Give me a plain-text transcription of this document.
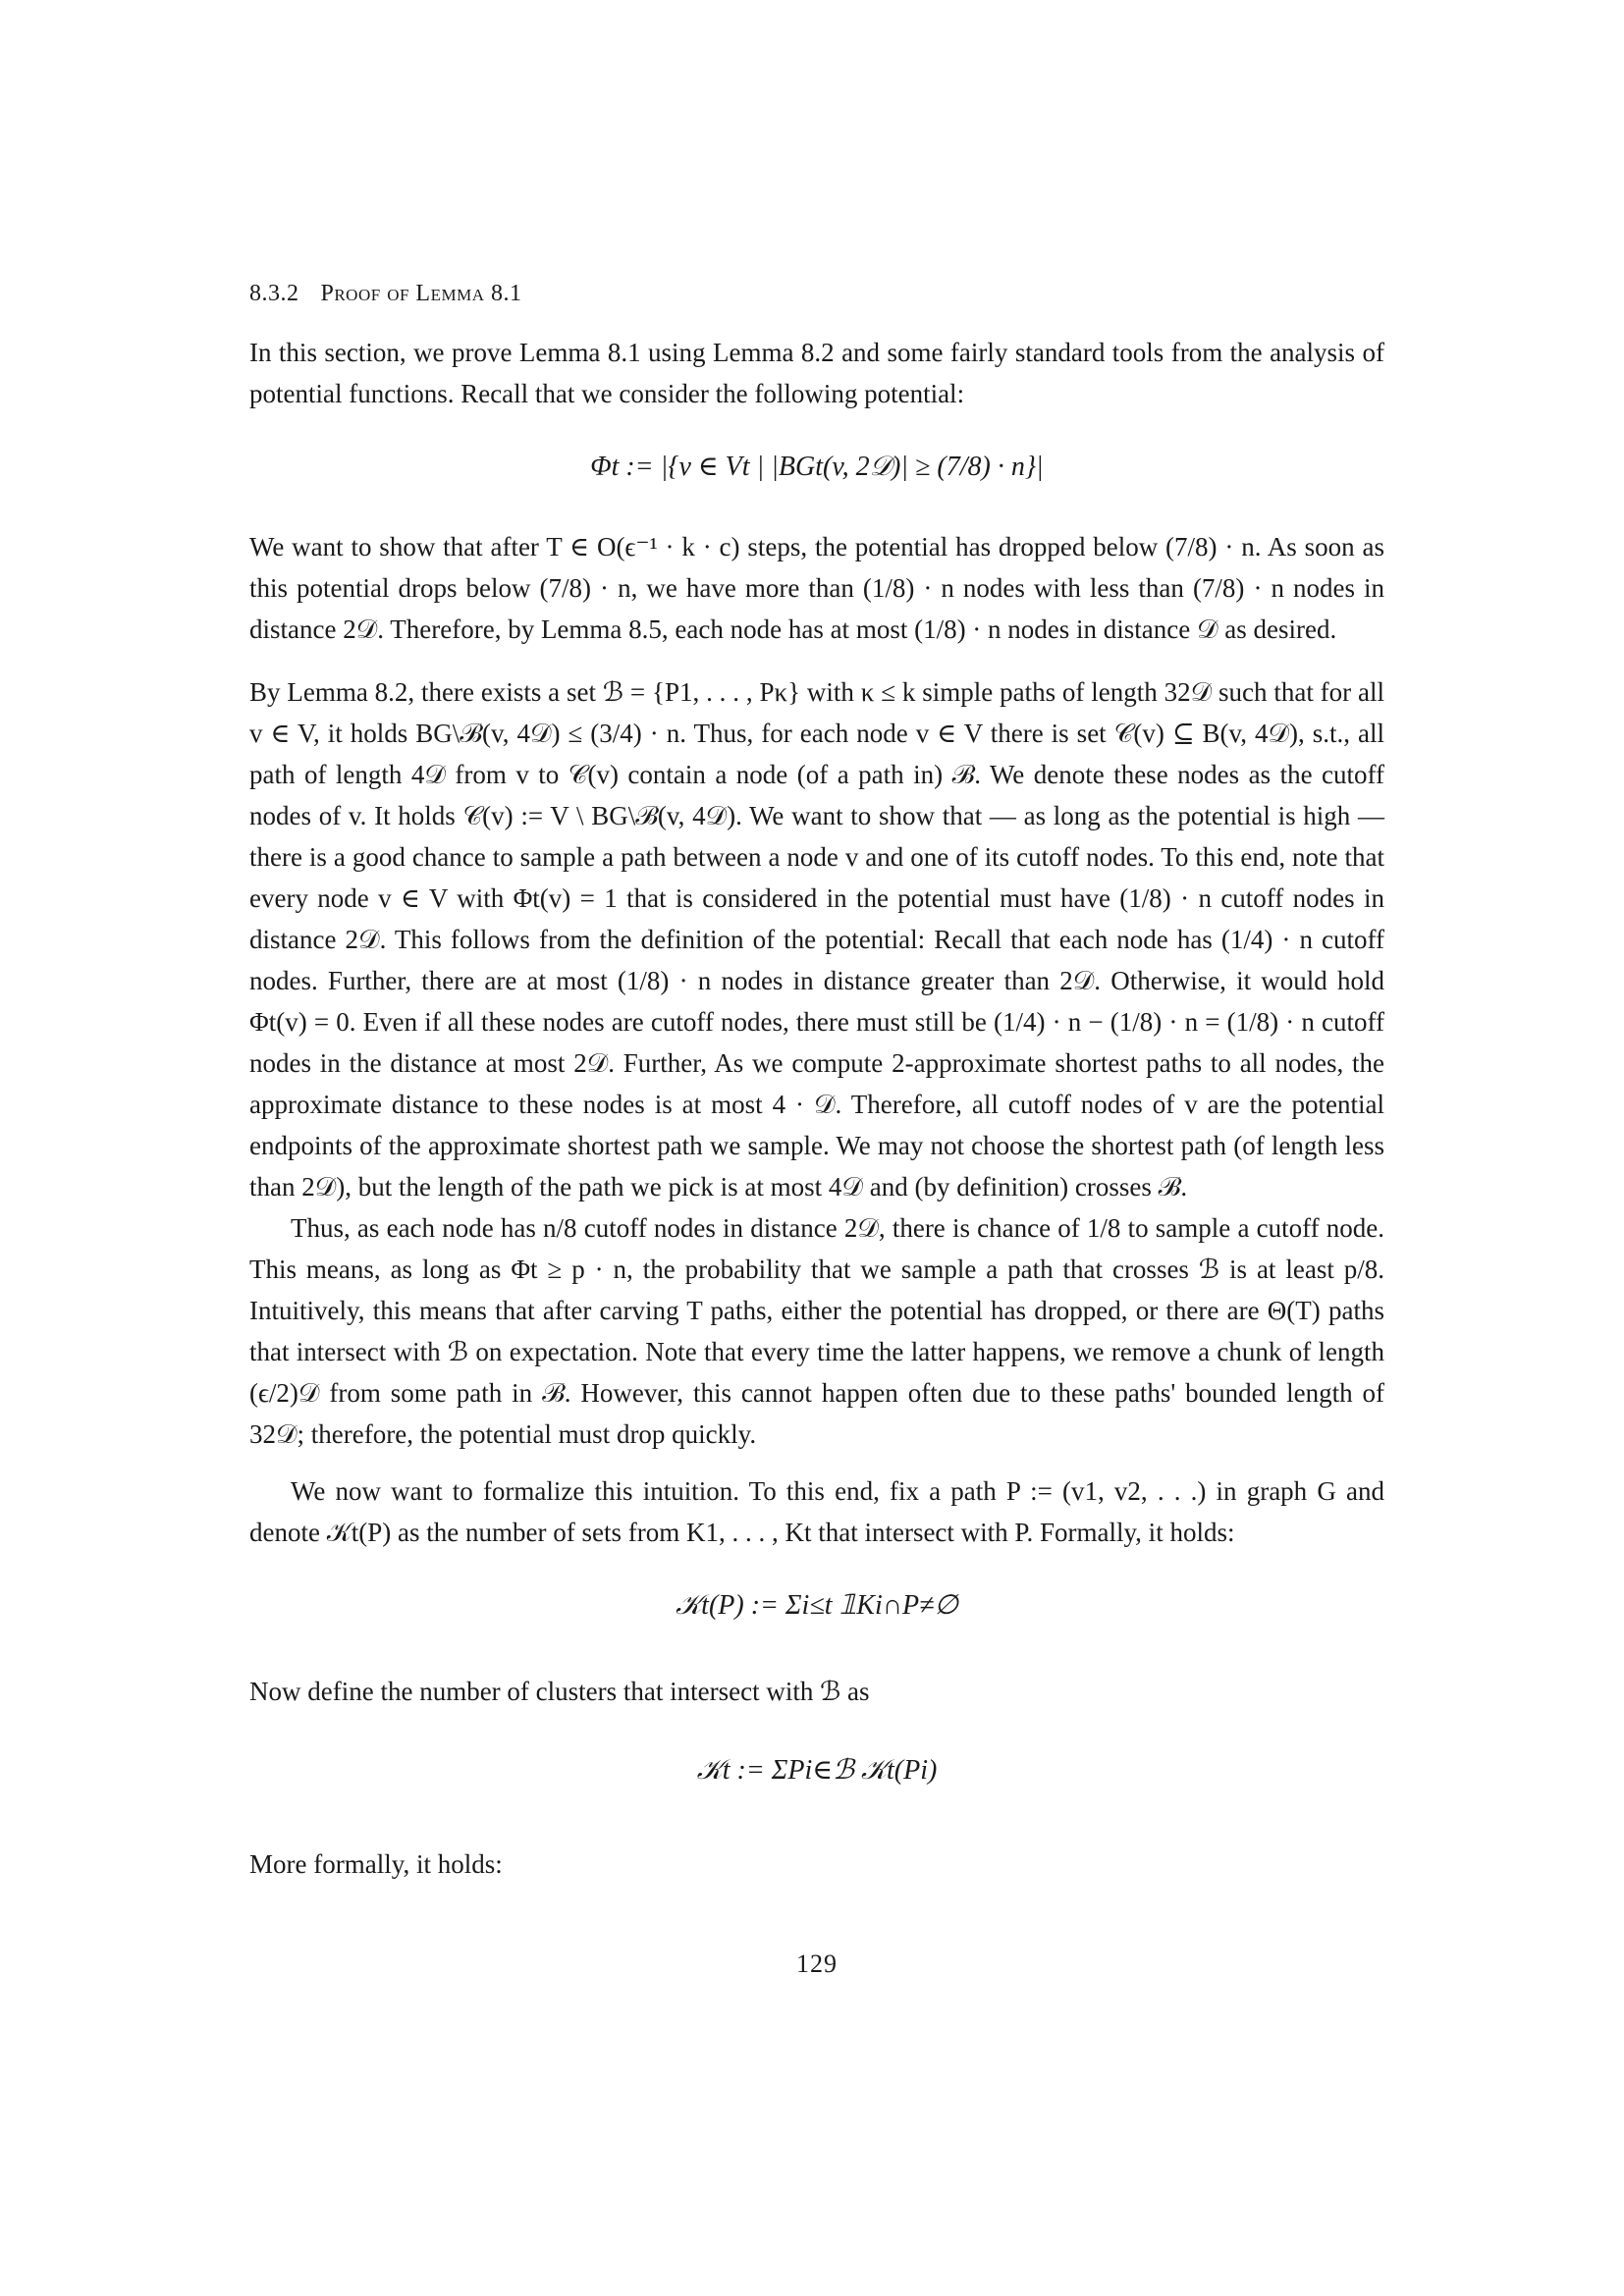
8.3.2 Proof of Lemma 8.1

In this section, we prove Lemma 8.1 using Lemma 8.2 and some fairly standard tools from the analysis of potential functions. Recall that we consider the following potential:

Φt := |{v ∈ Vt | |BGt(v, 2𝒟)| ≥ (7/8) · n}|

We want to show that after T ∈ O(ϵ⁻¹ · k · c) steps, the potential has dropped below (7/8) · n. As soon as this potential drops below (7/8) · n, we have more than (1/8) · n nodes with less than (7/8) · n nodes in distance 2𝒟. Therefore, by Lemma 8.5, each node has at most (1/8) · n nodes in distance 𝒟 as desired.

By Lemma 8.2, there exists a set ℬ = {P1, . . . , Pκ} with κ ≤ k simple paths of length 32𝒟 such that for all v ∈ V, it holds BG\ℬ(v, 4𝒟) ≤ (3/4) · n. Thus, for each node v ∈ V there is set 𝒞(v) ⊆ B(v, 4𝒟), s.t., all path of length 4𝒟 from v to 𝒞(v) contain a node (of a path in) ℬ. We denote these nodes as the cutoff nodes of v. It holds 𝒞(v) := V \ BG\ℬ(v, 4𝒟). We want to show that — as long as the potential is high — there is a good chance to sample a path between a node v and one of its cutoff nodes. To this end, note that every node v ∈ V with Φt(v) = 1 that is considered in the potential must have (1/8) · n cutoff nodes in distance 2𝒟. This follows from the definition of the potential: Recall that each node has (1/4) · n cutoff nodes. Further, there are at most (1/8) · n nodes in distance greater than 2𝒟. Otherwise, it would hold Φt(v) = 0. Even if all these nodes are cutoff nodes, there must still be (1/4) · n − (1/8) · n = (1/8) · n cutoff nodes in the distance at most 2𝒟. Further, As we compute 2-approximate shortest paths to all nodes, the approximate distance to these nodes is at most 4 · 𝒟. Therefore, all cutoff nodes of v are the potential endpoints of the approximate shortest path we sample. We may not choose the shortest path (of length less than 2𝒟), but the length of the path we pick is at most 4𝒟 and (by definition) crosses ℬ.

Thus, as each node has n/8 cutoff nodes in distance 2𝒟, there is chance of 1/8 to sample a cutoff node. This means, as long as Φt ≥ p · n, the probability that we sample a path that crosses ℬ is at least p/8. Intuitively, this means that after carving T paths, either the potential has dropped, or there are Θ(T) paths that intersect with ℬ on expectation. Note that every time the latter happens, we remove a chunk of length (ϵ/2)𝒟 from some path in ℬ. However, this cannot happen often due to these paths' bounded length of 32𝒟; therefore, the potential must drop quickly.

We now want to formalize this intuition. To this end, fix a path P := (v1, v2, . . .) in graph G and denote 𝒦t(P) as the number of sets from K1, . . . , Kt that intersect with P. Formally, it holds:

𝒦t(P) := Σi≤t 𝟙Ki∩P≠∅

Now define the number of clusters that intersect with ℬ as

𝒦t := ΣPi∈ℬ 𝒦t(Pi)

More formally, it holds:

129
